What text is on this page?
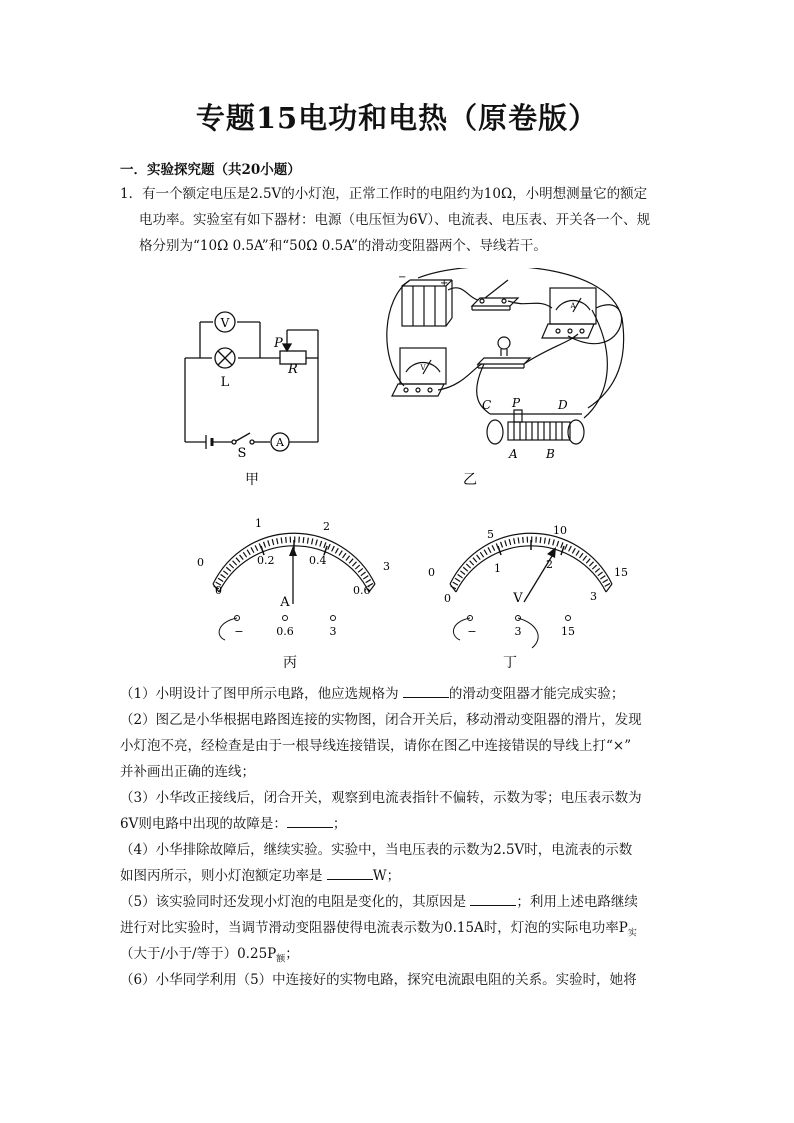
专题15电功和电热（原卷版）
一．实验探究题（共20小题）
1．有一个额定电压是2.5V的小灯泡，正常工作时的电阻约为10Ω，小明想测量它的额定
电功率。实验室有如下器材：电源（电压恒为6V）、电流表、电压表、开关各一个、规
格分别为“10Ω 0.5A”和“50Ω 0.5A”的滑动变阻器两个、导线若干。
V
L
P
R
S
A
甲
−
+
A
V
C P	D
A B
乙
0
1	2
3
0
0.2	0.4
0.6
A
−	0.6	3
丙
0
5	10
15
0
1	2
3
V
−	3	15
丁
（1）小明设计了图甲所示电路，他应选规格为	的滑动变阻器才能完成实验；
（2）图乙是小华根据电路图连接的实物图，闭合开关后，移动滑动变阻器的滑片，发现
小灯泡不亮，经检查是由于一根导线连接错误，请你在图乙中连接错误的导线上打“×”
并补画出正确的连线；
（3）小华改正接线后，闭合开关，观察到电流表指针不偏转，示数为零；电压表示数为
6V则电路中出现的故障是：	；
（4）小华排除故障后，继续实验。实验中，当电压表的示数为2.5V时，电流表的示数
如图丙所示，则小灯泡额定功率是	W；
（5）该实验同时还发现小灯泡的电阻是变化的，其原因是	；利用上述电路继续
进行对比实验时，当调节滑动变阻器使得电流表示数为0.15A时，灯泡的实际电功率$P_实$
（大于/小于/等于）$0.25P_额$；
（6）小华同学利用（5）中连接好的实物电路，探究电流跟电阻的关系。实验时，她将
